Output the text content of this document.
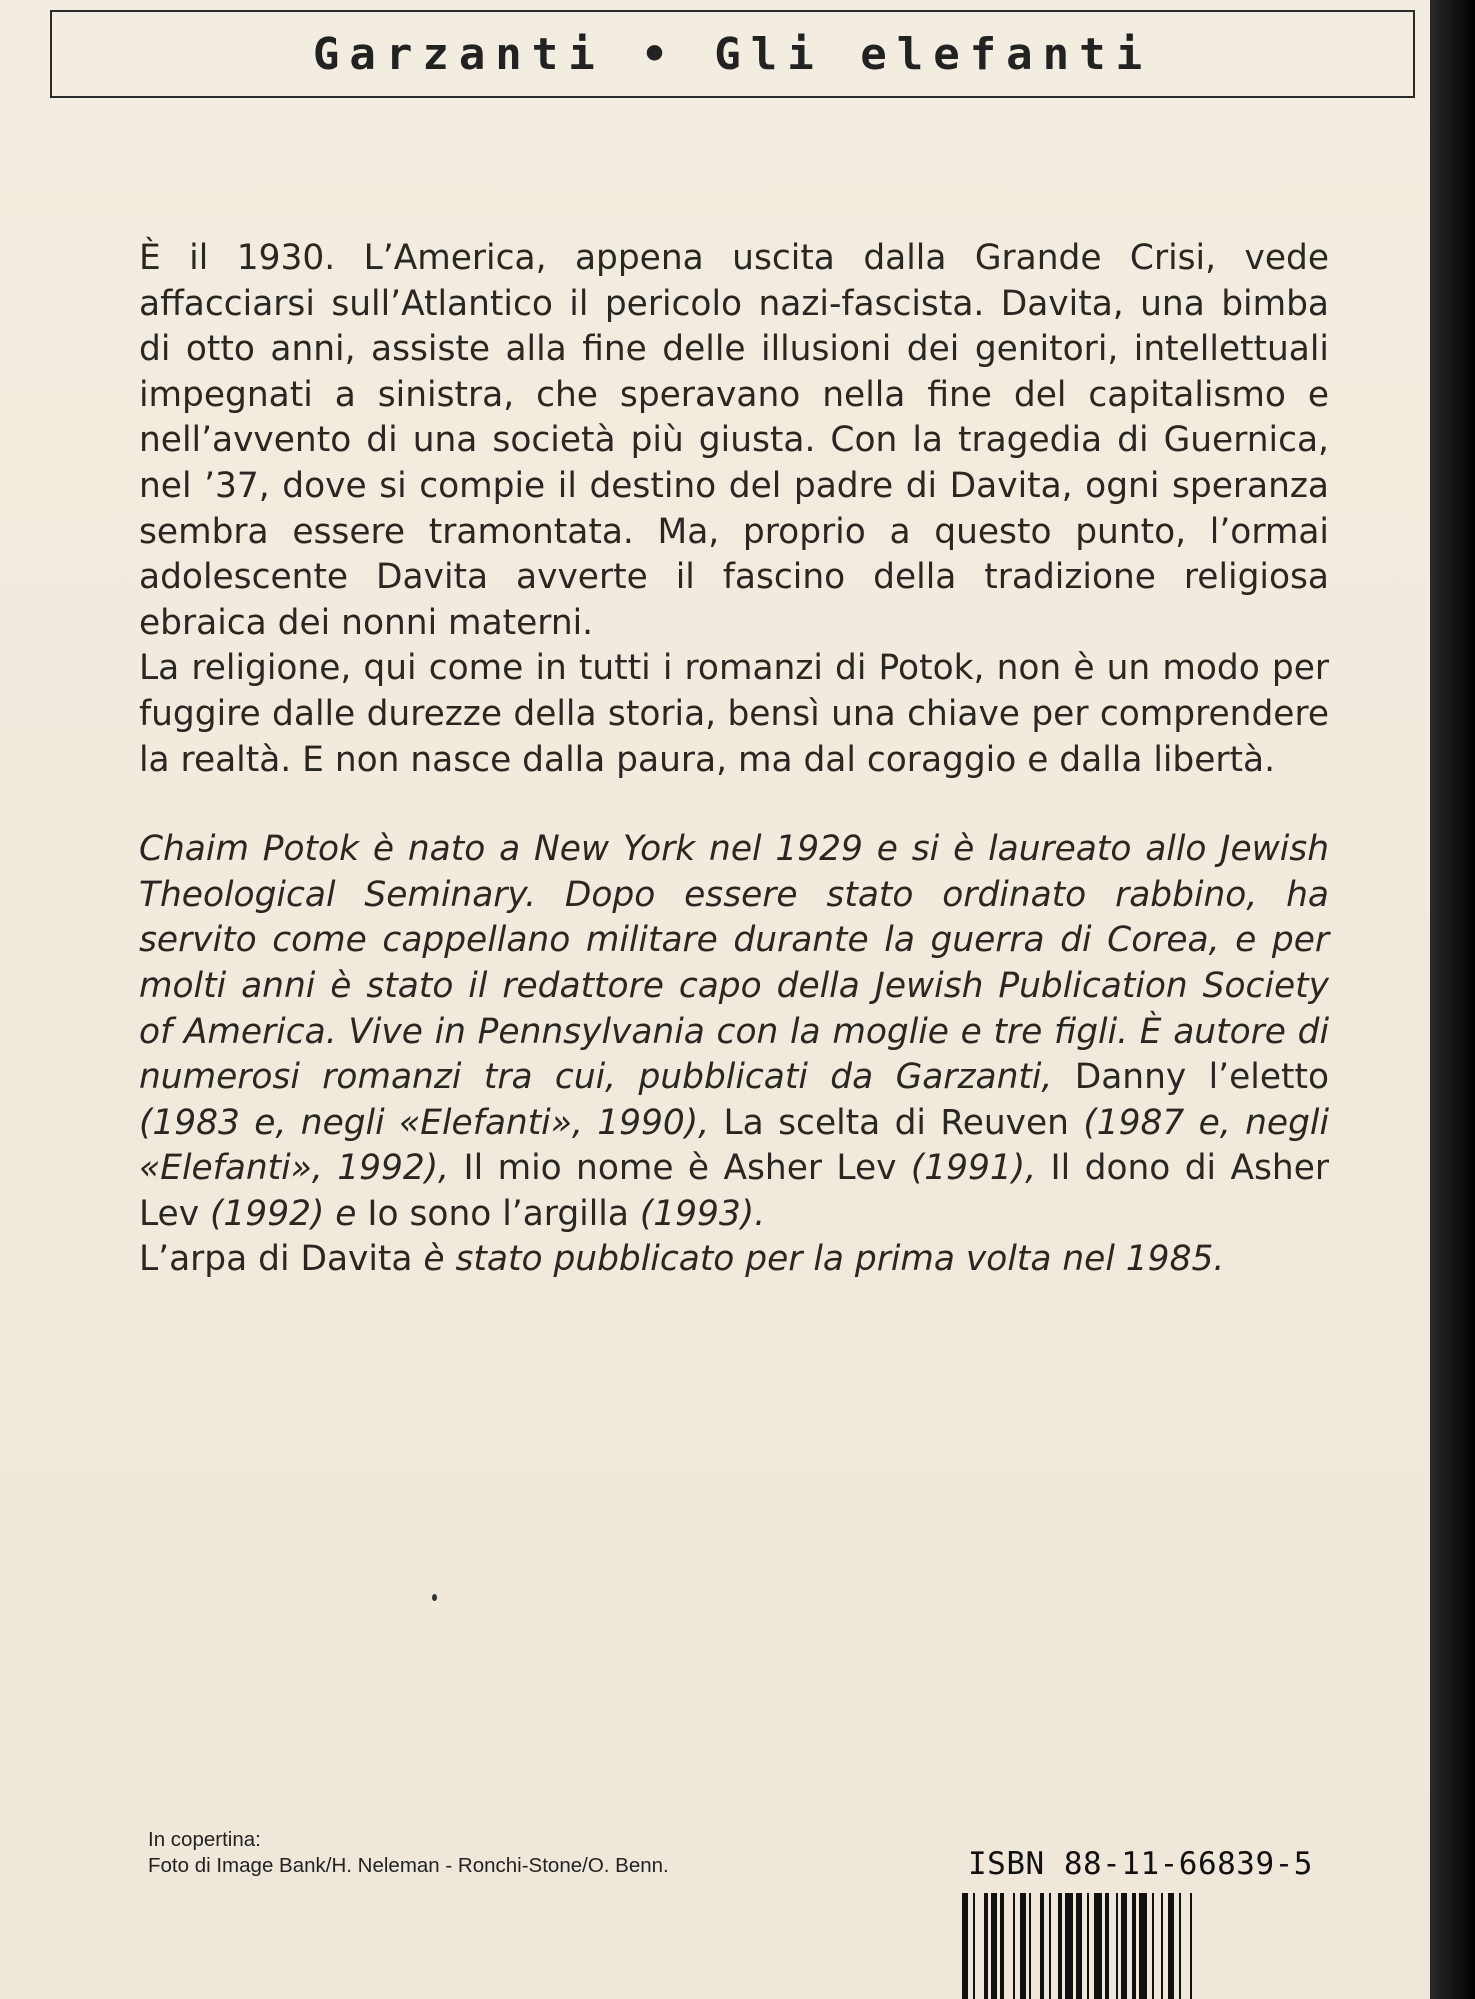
Garzanti • Gli elefanti

È il 1930. L’America, appena uscita dalla Grande Crisi, vede affacciarsi sull’Atlantico il pericolo nazi-fascista. Davita, una bimba di otto anni, assiste alla fine delle illusioni dei genitori, intellettuali impegnati a sinistra, che speravano nella fine del capitalismo e nell’avvento di una società più giusta. Con la tragedia di Guernica, nel ’37, dove si compie il destino del padre di Davita, ogni speranza sembra essere tramontata. Ma, proprio a questo punto, l’ormai adolescente Davita avverte il fascino della tradizione religiosa ebraica dei nonni materni.

La religione, qui come in tutti i romanzi di Potok, non è un modo per fuggire dalle durezze della storia, bensì una chiave per comprendere la realtà. E non nasce dalla paura, ma dal coraggio e dalla libertà.

Chaim Potok è nato a New York nel 1929 e si è laureato allo Jewish Theological Seminary. Dopo essere stato ordinato rabbino, ha servito come cappellano militare durante la guerra di Corea, e per molti anni è stato il redattore capo della Jewish Publication Society of America. Vive in Pennsylvania con la moglie e tre figli. È autore di numerosi romanzi tra cui, pubblicati da Garzanti, Danny l’eletto (1983 e, negli «Elefanti», 1990), La scelta di Reuven (1987 e, negli «Elefanti», 1992), Il mio nome è Asher Lev (1991), Il dono di Asher Lev (1992) e Io sono l’argilla (1993).

L’arpa di Davita è stato pubblicato per la prima volta nel 1985.

In copertina:
Foto di Image Bank/H. Neleman - Ronchi-Stone/O. Benn.	ISBN 88-11-66839-5
